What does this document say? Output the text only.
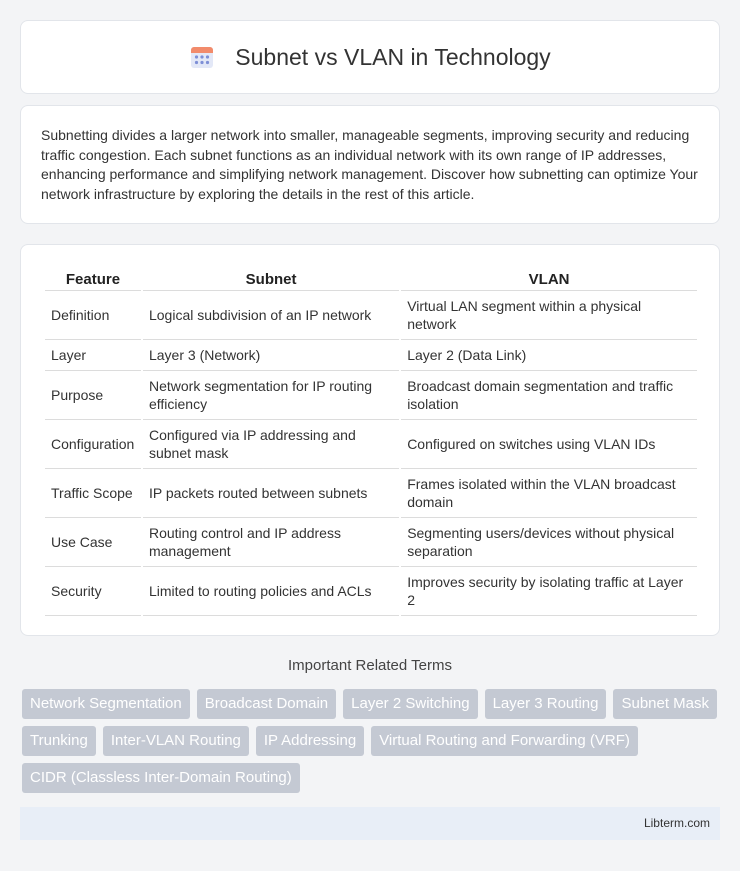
Subnet vs VLAN in Technology

Subnetting divides a larger network into smaller, manageable segments, improving security and reducing traffic congestion. Each subnet functions as an individual network with its own range of IP addresses, enhancing performance and simplifying network management. Discover how subnetting can optimize Your network infrastructure by exploring the details in the rest of this article.

Feature	Subnet	VLAN
Definition	Logical subdivision of an IP network	Virtual LAN segment within a physical network
Layer	Layer 3 (Network)	Layer 2 (Data Link)
Purpose	Network segmentation for IP routing efficiency	Broadcast domain segmentation and traffic isolation
Configuration	Configured via IP addressing and subnet mask	Configured on switches using VLAN IDs
Traffic Scope	IP packets routed between subnets	Frames isolated within the VLAN broadcast domain
Use Case	Routing control and IP address management	Segmenting users/devices without physical separation
Security	Limited to routing policies and ACLs	Improves security by isolating traffic at Layer 2
Important Related Terms
Network Segmentation	Broadcast Domain	Layer 2 Switching	Layer 3 Routing	Subnet Mask
Trunking	Inter-VLAN Routing	IP Addressing	Virtual Routing and Forwarding (VRF)
CIDR (Classless Inter-Domain Routing)
Libterm.com
